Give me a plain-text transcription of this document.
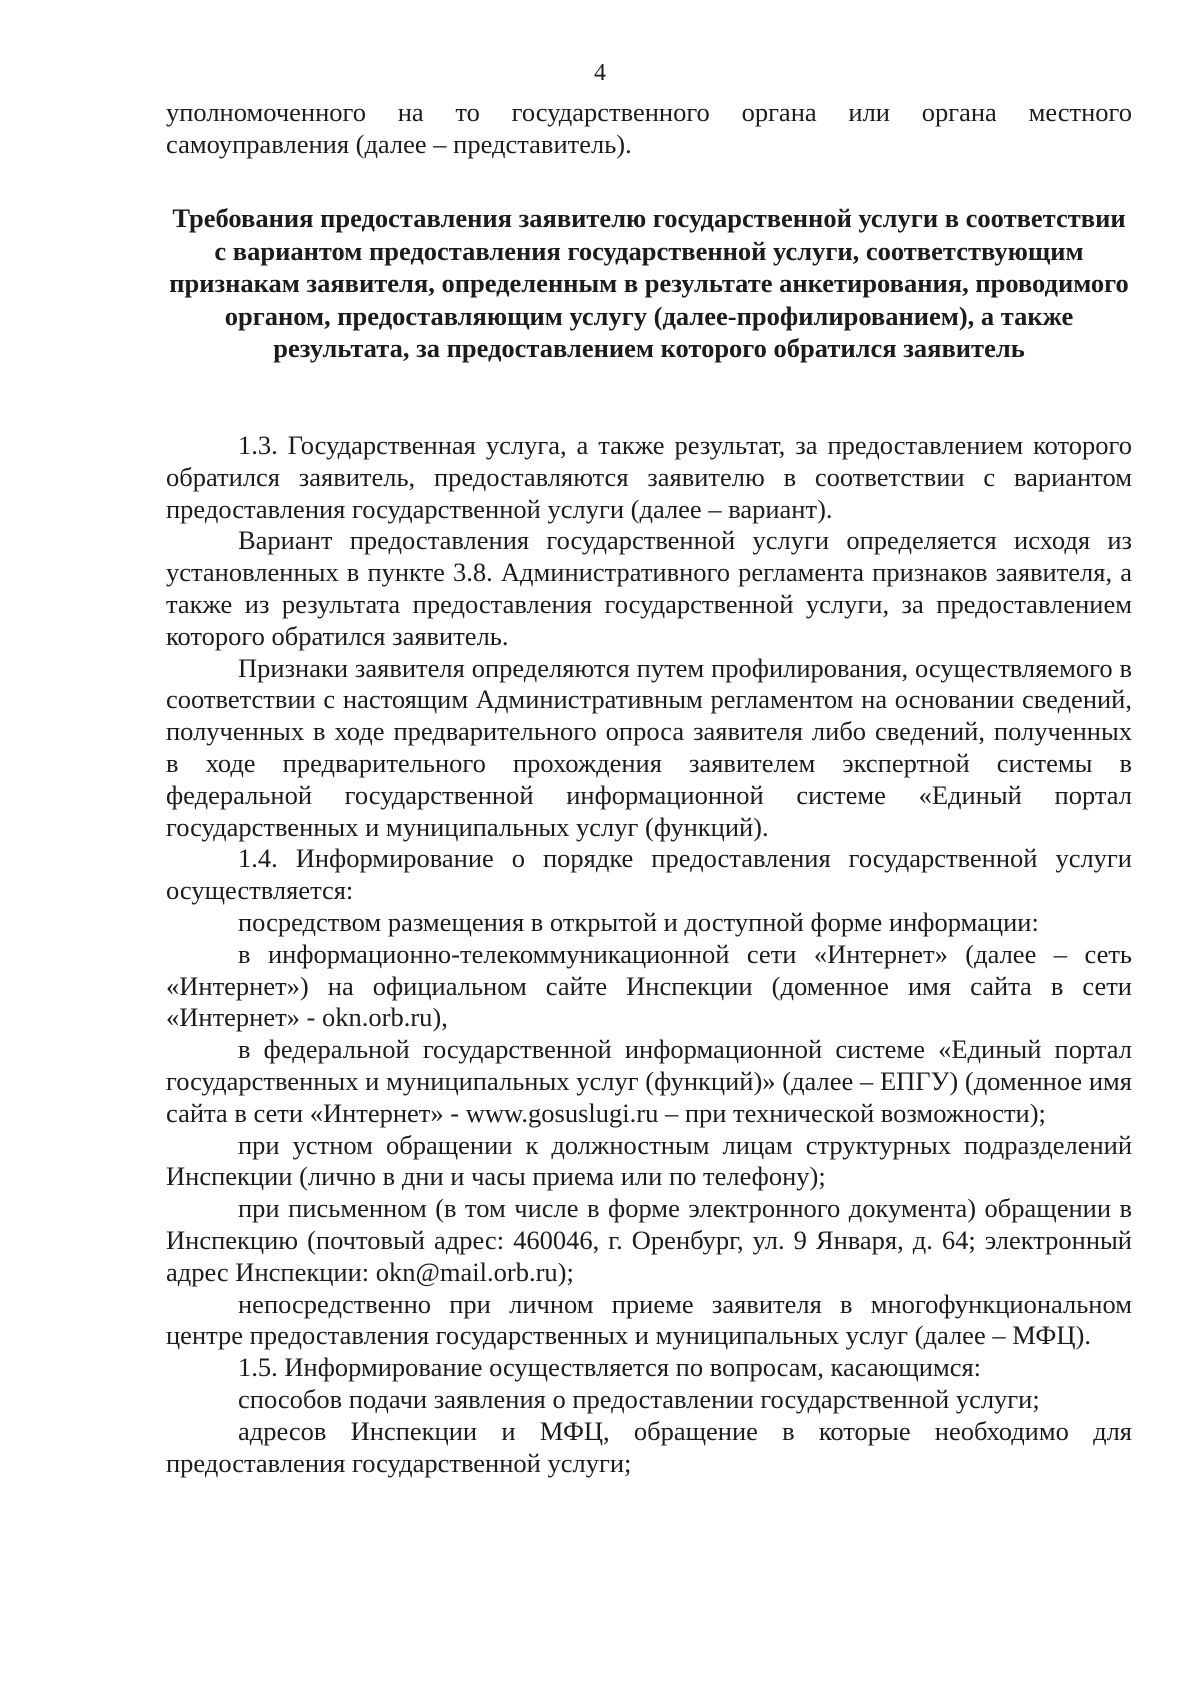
4

уполномоченного на то государственного органа или органа местного самоуправления (далее – представитель).

Требования предоставления заявителю государственной услуги в соответствии с вариантом предоставления государственной услуги, соответствующим признакам заявителя, определенным в результате анкетирования, проводимого органом, предоставляющим услугу (далее-профилированием), а также результата, за предоставлением которого обратился заявитель

1.3. Государственная услуга, а также результат, за предоставлением которого обратился заявитель, предоставляются заявителю в соответствии с вариантом предоставления государственной услуги (далее – вариант).

Вариант предоставления государственной услуги определяется исходя из установленных в пункте 3.8. Административного регламента признаков заявителя, а также из результата предоставления государственной услуги, за предоставлением которого обратился заявитель.

Признаки заявителя определяются путем профилирования, осуществляемого в соответствии с настоящим Административным регламентом на основании сведений, полученных в ходе предварительного опроса заявителя либо сведений, полученных в ходе предварительного прохождения заявителем экспертной системы в федеральной государственной информационной системе «Единый портал государственных и муниципальных услуг (функций).

1.4. Информирование о порядке предоставления государственной услуги осуществляется:

посредством размещения в открытой и доступной форме информации:

в информационно-телекоммуникационной сети «Интернет» (далее – сеть «Интернет») на официальном сайте Инспекции (доменное имя сайта в сети «Интернет» - okn.orb.ru),

в федеральной государственной информационной системе «Единый портал государственных и муниципальных услуг (функций)» (далее – ЕПГУ) (доменное имя сайта в сети «Интернет» - www.gosuslugi.ru – при технической возможности);

при устном обращении к должностным лицам структурных подразделений Инспекции (лично в дни и часы приема или по телефону);

при письменном (в том числе в форме электронного документа) обращении в Инспекцию (почтовый адрес: 460046, г. Оренбург, ул. 9 Января, д. 64; электронный адрес Инспекции: okn@mail.orb.ru);

непосредственно при личном приеме заявителя в многофункциональном центре предоставления государственных и муниципальных услуг (далее – МФЦ).

1.5. Информирование осуществляется по вопросам, касающимся:

способов подачи заявления о предоставлении государственной услуги;

адресов Инспекции и МФЦ, обращение в которые необходимо для предоставления государственной услуги;
